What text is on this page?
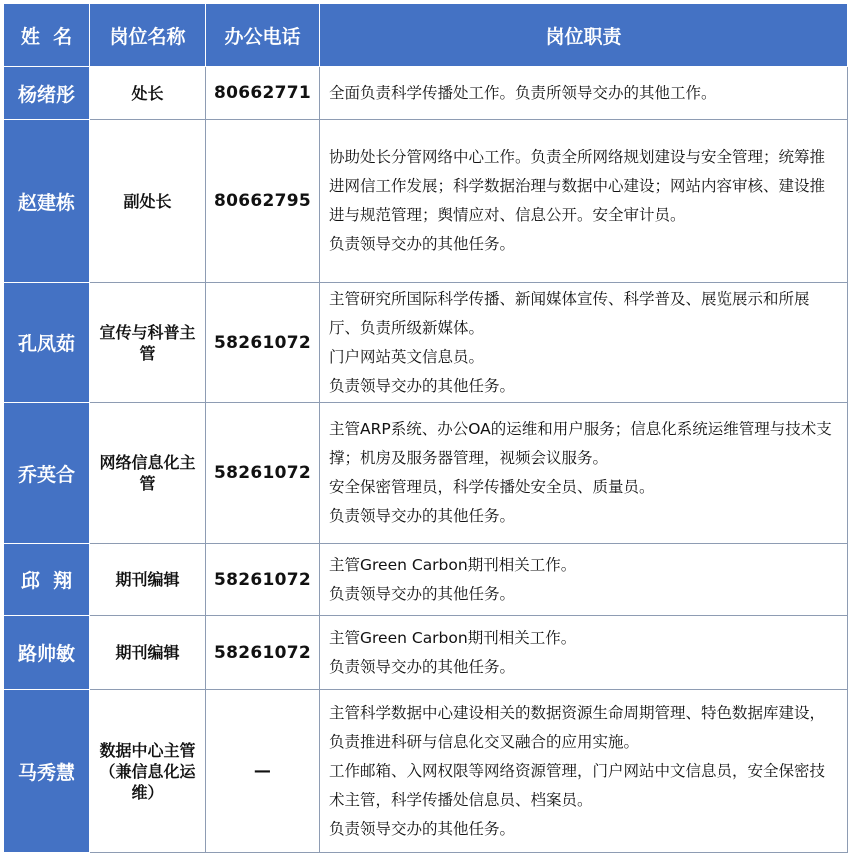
姓  名	岗位名称	办公电话	岗位职责
杨绪彤	处长	80662771	全面负责科学传播处工作。负责所领导交办的其他工作。

赵建栋	副处长	80662795	协助处长分管网络中心工作。负责全所网络规划建设与安全管理；统筹推进网信工作发展；科学数据治理与数据中心建设；网站内容审核、建设推进与规范管理；舆情应对、信息公开。安全审计员。
负责领导交办的其他任务。

孔凤茹	宣传与科普主管	58261072	主管研究所国际科学传播、新闻媒体宣传、科学普及、展览展示和所展厅、负责所级新媒体。
门户网站英文信息员。
负责领导交办的其他任务。

乔英合	网络信息化主管	58261072	主管ARP系统、办公OA的运维和用户服务；信息化系统运维管理与技术支撑；机房及服务器管理，视频会议服务。
安全保密管理员，科学传播处安全员、质量员。
负责领导交办的其他任务。

邱  翔	期刊编辑	58261072	主管Green Carbon期刊相关工作。
负责领导交办的其他任务。

路帅敏	期刊编辑	58261072	主管Green Carbon期刊相关工作。
负责领导交办的其他任务。

马秀慧	数据中心主管（兼信息化运维）	—	主管科学数据中心建设相关的数据资源生命周期管理、特色数据库建设，负责推进科研与信息化交叉融合的应用实施。
工作邮箱、入网权限等网络资源管理，门户网站中文信息员，安全保密技术主管，科学传播处信息员、档案员。
负责领导交办的其他任务。
